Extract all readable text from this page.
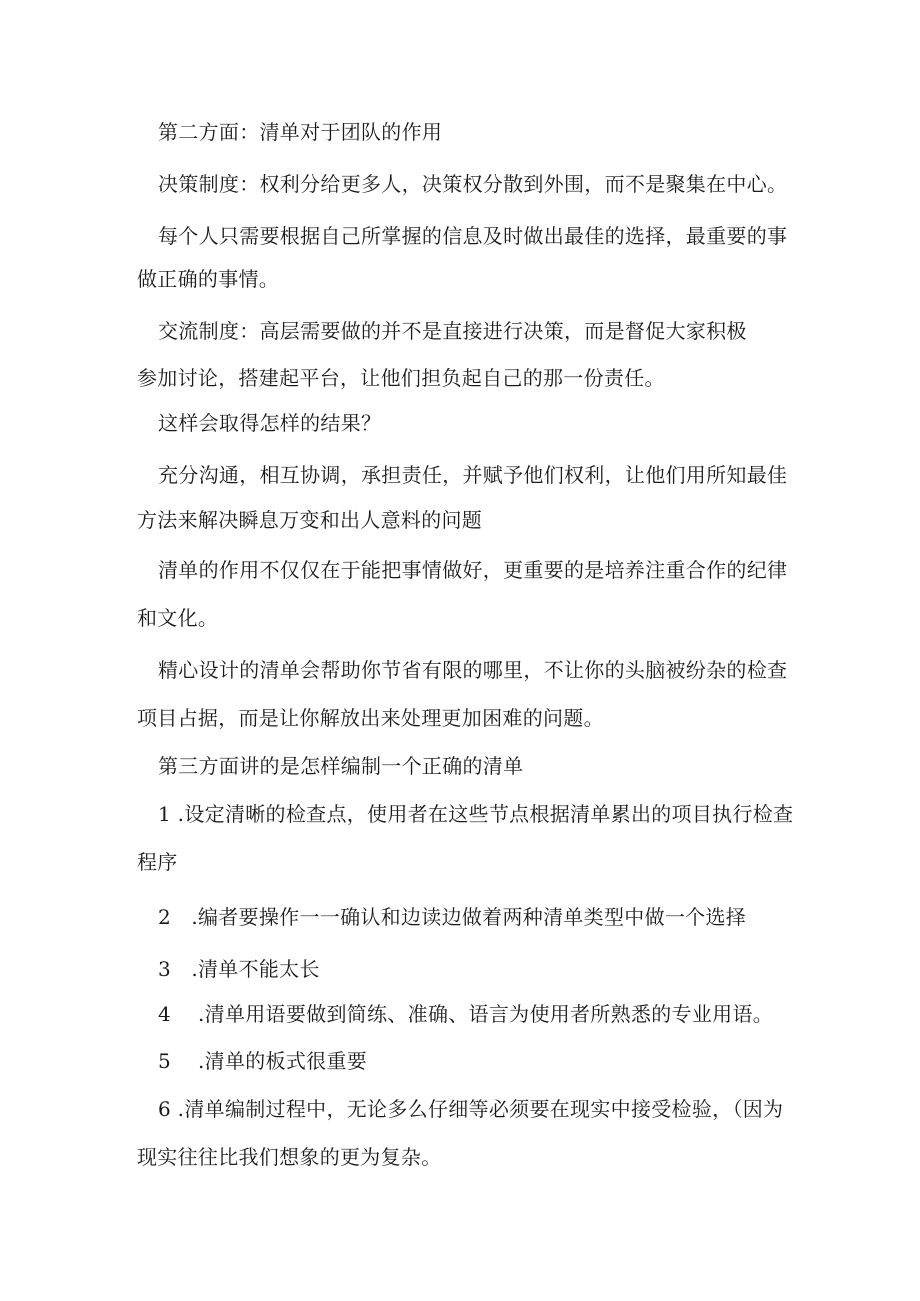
第二方面：清单对于团队的作用
决策制度：权利分给更多人，决策权分散到外围，而不是聚集在中心。
每个人只需要根据自己所掌握的信息及时做出最佳的选择，最重要的事
做正确的事情。
交流制度：高层需要做的并不是直接进行决策，而是督促大家积极
参加讨论，搭建起平台，让他们担负起自己的那一份责任。
这样会取得怎样的结果？
充分沟通，相互协调，承担责任，并赋予他们权利，让他们用所知最佳
方法来解决瞬息万变和出人意料的问题
清单的作用不仅仅在于能把事情做好，更重要的是培养注重合作的纪律
和文化。
精心设计的清单会帮助你节省有限的哪里，不让你的头脑被纷杂的检查
项目占据，而是让你解放出来处理更加困难的问题。
第三方面讲的是怎样编制一个正确的清单
1 .设定清晰的检查点，使用者在这些节点根据清单累出的项目执行检查
程序
2　.编者要操作一一确认和边读边做着两种清单类型中做一个选择
3　.清单不能太长
4　 .清单用语要做到简练、准确、语言为使用者所熟悉的专业用语。
5　 .清单的板式很重要
6 .清单编制过程中，无论多么仔细等必须要在现实中接受检验，（因为
现实往往比我们想象的更为复杂。
